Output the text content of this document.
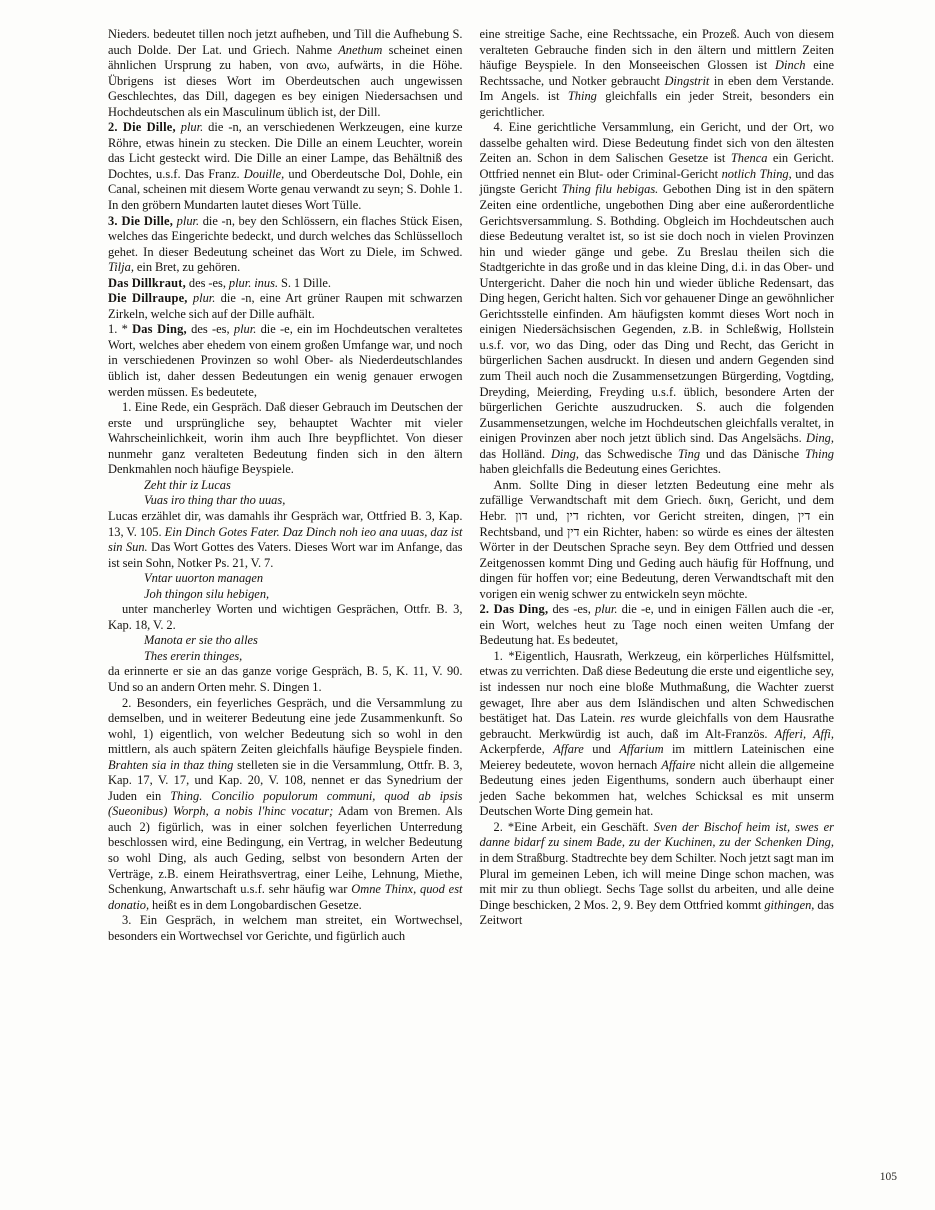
Nieders. bedeutet tillen noch jetzt aufheben, und Till die Aufhebung S. auch Dolde. Der Lat. und Griech. Nahme Anethum scheinet einen ähnlichen Ursprung zu haben, von ανω, aufwärts, in die Höhe. Übrigens ist dieses Wort im Oberdeutschen auch ungewissen Geschlechtes, das Dill, dagegen es bey einigen Niedersachsen und Hochdeutschen als ein Masculinum üblich ist, der Dill.

2. Die Dille, plur. die -n, an verschiedenen Werkzeugen, eine kurze Röhre, etwas hinein zu stecken. Die Dille an einem Leuchter, worein das Licht gesteckt wird. Die Dille an einer Lampe, das Behältniß des Dochtes, u.s.f. Das Franz. Douille, und Oberdeutsche Dol, Dohle, ein Canal, scheinen mit diesem Worte genau verwandt zu seyn; S. Dohle 1. In den gröbern Mundarten lautet dieses Wort Tülle.

3. Die Dille, plur. die -n, bey den Schlössern, ein flaches Stück Eisen, welches das Eingerichte bedeckt, und durch welches das Schlüsselloch gehet. In dieser Bedeutung scheinet das Wort zu Diele, im Schwed. Tilja, ein Bret, zu gehören.

Das Dillkraut, des -es, plur. inus. S. 1 Dille.

Die Dillraupe, plur. die -n, eine Art grüner Raupen mit schwarzen Zirkeln, welche sich auf der Dille aufhält.

1. * Das Ding, des -es, plur. die -e, ein im Hochdeutschen veraltetes Wort, welches aber ehedem von einem großen Umfange war, und noch in verschiedenen Provinzen so wohl Ober- als Niederdeutschlandes üblich ist, daher dessen Bedeutungen ein wenig genauer erwogen werden müssen. Es bedeutete,

1. Eine Rede, ein Gespräch. Daß dieser Gebrauch im Deutschen der erste und ursprüngliche sey, behauptet Wachter mit vieler Wahrscheinlichkeit, worin ihm auch Ihre beypflichtet. Von dieser nunmehr ganz veralteten Bedeutung finden sich in den ältern Denkmahlen noch häufige Beyspiele.

Zeht thir iz Lucas

Vuas iro thing thar tho uuas,

Lucas erzählet dir, was damahls ihr Gespräch war, Ottfried B. 3, Kap. 13, V. 105. Ein Dinch Gotes Fater. Daz Dinch noh ieo ana uuas, daz ist sin Sun. Das Wort Gottes des Vaters. Dieses Wort war im Anfange, das ist sein Sohn, Notker Ps. 21, V. 7.

Vntar uuorton managen

Joh thingon silu hebigen,

unter mancherley Worten und wichtigen Gesprächen, Ottfr. B. 3, Kap. 18, V. 2.

Manota er sie tho alles

Thes ererin thinges,

da erinnerte er sie an das ganze vorige Gespräch, B. 5, K. 11, V. 90. Und so an andern Orten mehr. S. Dingen 1.

2. Besonders, ein feyerliches Gespräch, und die Versammlung zu demselben, und in weiterer Bedeutung eine jede Zusammenkunft. So wohl, 1) eigentlich, von welcher Bedeutung sich so wohl in den mittlern, als auch spätern Zeiten gleichfalls häufige Beyspiele finden. Brahten sia in thaz thing stelleten sie in die Versammlung, Ottfr. B. 3, Kap. 17, V. 17, und Kap. 20, V. 108, nennet er das Synedrium der Juden ein Thing. Concilio populorum communi, quod ab ipsis (Sueonibus) Worph, a nobis l'hinc vocatur; Adam von Bremen. Als auch 2) figürlich, was in einer solchen feyerlichen Unterredung beschlossen wird, eine Bedingung, ein Vertrag, in welcher Bedeutung so wohl Ding, als auch Geding, selbst von besondern Arten der Verträge, z.B. einem Heirathsvertrag, einer Leihe, Lehnung, Miethe, Schenkung, Anwartschaft u.s.f. sehr häufig war Omne Thinx, quod est donatio, heißt es in dem Longobardischen Gesetze.

3. Ein Gespräch, in welchem man streitet, ein Wortwechsel, besonders ein Wortwechsel vor Gerichte, und figürlich auch

eine streitige Sache, eine Rechtssache, ein Prozeß. Auch von diesem veralteten Gebrauche finden sich in den ältern und mittlern Zeiten häufige Beyspiele. In den Monseeischen Glossen ist Dinch eine Rechtssache, und Notker gebraucht Dingstrit in eben dem Verstande. Im Angels. ist Thing gleichfalls ein jeder Streit, besonders ein gerichtlicher.

4. Eine gerichtliche Versammlung, ein Gericht, und der Ort, wo dasselbe gehalten wird. Diese Bedeutung findet sich von den ältesten Zeiten an. Schon in dem Salischen Gesetze ist Thenca ein Gericht. Ottfried nennet ein Blut- oder Criminal-Gericht notlich Thing, und das jüngste Gericht Thing filu hebigas. Gebothen Ding ist in den spätern Zeiten eine ordentliche, ungebothen Ding aber eine außerordentliche Gerichtsversammlung. S. Bothding. Obgleich im Hochdeutschen auch diese Bedeutung veraltet ist, so ist sie doch noch in vielen Provinzen hin und wieder gänge und gebe. Zu Breslau theilen sich die Stadtgerichte in das große und in das kleine Ding, d.i. in das Ober- und Untergericht. Daher die noch hin und wieder übliche Redensart, das Ding hegen, Gericht halten. Sich vor gehauener Dinge an gewöhnlicher Gerichtsstelle einfinden. Am häufigsten kommt dieses Wort noch in einigen Niedersächsischen Gegenden, z.B. in Schleßwig, Hollstein u.s.f. vor, wo das Ding, oder das Ding und Recht, das Gericht in bürgerlichen Sachen ausdruckt. In diesen und andern Gegenden sind zum Theil auch noch die Zusammensetzungen Bürgerding, Vogtding, Dreyding, Meierding, Freyding u.s.f. üblich, besondere Arten der bürgerlichen Gerichte auszudrucken. S. auch die folgenden Zusammensetzungen, welche im Hochdeutschen gleichfalls veraltet, in einigen Provinzen aber noch jetzt üblich sind. Das Angelsächs. Ding, das Holländ. Ding, das Schwedische Ting und das Dänische Thing haben gleichfalls die Bedeutung eines Gerichtes.

Anm. Sollte Ding in dieser letzten Bedeutung eine mehr als zufällige Verwandtschaft mit dem Griech. δικη, Gericht, und dem Hebr. דון und, דין richten, vor Gericht streiten, dingen, דין ein Rechtsband, und דין ein Richter, haben: so würde es eines der ältesten Wörter in der Deutschen Sprache seyn. Bey dem Ottfried und dessen Zeitgenossen kommt Ding und Geding auch häufig für Hoffnung, und dingen für hoffen vor; eine Bedeutung, deren Verwandtschaft mit den vorigen ein wenig schwer zu entwickeln seyn möchte.

2. Das Ding, des -es, plur. die -e, und in einigen Fällen auch die -er, ein Wort, welches heut zu Tage noch einen weiten Umfang der Bedeutung hat. Es bedeutet,

1. *Eigentlich, Hausrath, Werkzeug, ein körperliches Hülfsmittel, etwas zu verrichten. Daß diese Bedeutung die erste und eigentliche sey, ist indessen nur noch eine bloße Muthmaßung, die Wachter zuerst gewaget, Ihre aber aus dem Isländischen und alten Schwedischen bestätiget hat. Das Latein. res wurde gleichfalls von dem Hausrathe gebraucht. Merkwürdig ist auch, daß im Alt-Französ. Afferi, Affi, Ackerpferde, Affare und Affarium im mittlern Lateinischen eine Meierey bedeutete, wovon hernach Affaire nicht allein die allgemeine Bedeutung eines jeden Eigenthums, sondern auch überhaupt einer jeden Sache bekommen hat, welches Schicksal es mit unserm Deutschen Worte Ding gemein hat.

2. *Eine Arbeit, ein Geschäft. Sven der Bischof heim ist, swes er danne bidarf zu sinem Bade, zu der Kuchinen, zu der Schenken Ding, in dem Straßburg. Stadtrechte bey dem Schilter. Noch jetzt sagt man im Plural im gemeinen Leben, ich will meine Dinge schon machen, was mit mir zu thun obliegt. Sechs Tage sollst du arbeiten, und alle deine Dinge beschicken, 2 Mos. 2, 9. Bey dem Ottfried kommt githingen, das Zeitwort

105
